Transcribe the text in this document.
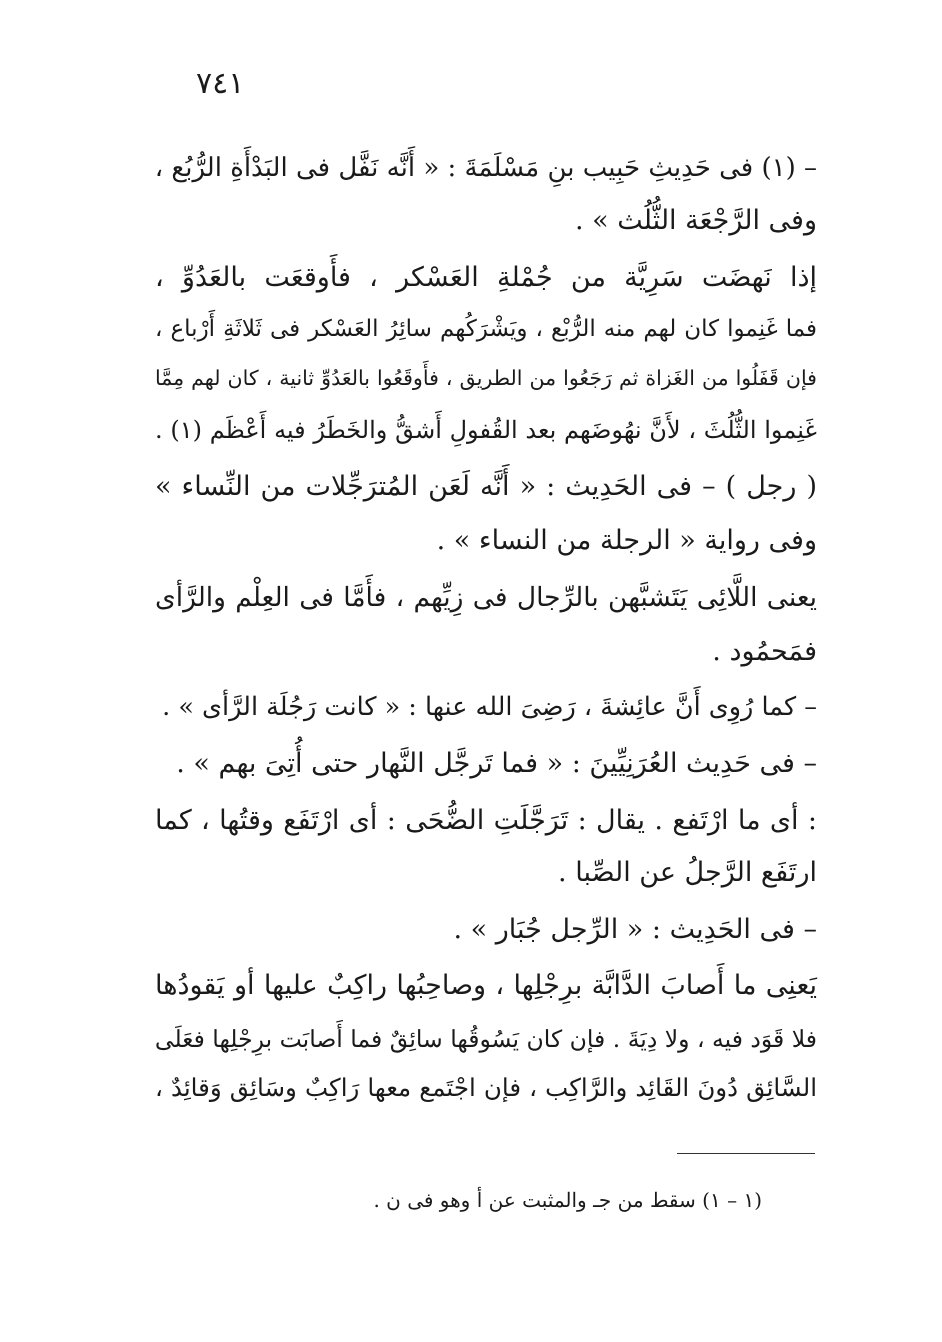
٧٤١
– (١) فى حَدِيثِ حَبِيب بنِ مَسْلَمَةَ : « أَنَّه نَفَّل فى البَدْأَةِ الرُّبُع ،
وفى الرَّجْعَة الثُّلُث » .
إذا نَهضَت سَرِيَّة من جُمْلةِ العَسْكر ، فأَوقعَت بالعَدُوِّ ،
فما غَنِموا كان لهم منه الرُّبْع ، ويَشْرَكُهم سائِرُ العَسْكر فى ثَلاثَةِ أَرْباع ،
فإن قَفَلُوا من الغَزاة ثم رَجَعُوا من الطريق ، فأَوقَعُوا بالعَدُوِّ ثانية ، كان لهم مِمَّا
غَنِموا الثُّلُثَ ، لأَنَّ نهُوضَهم بعد القُفولِ أَشقُّ والخَطَرُ فيه أَعْظَم (١) .
( رجل ) – فى الحَدِيث : « أَنَّه لَعَن المُترَجِّلات من النِّساء »
وفى رواية « الرجلة من النساء » .
يعنى اللَّائِى يَتَشبَّهن بالرِّجال فى زِيِّهم ، فأَمَّا فى العِلْم والرَّأى
فمَحمُود .
– كما رُوِى أَنَّ عائِشةَ ، رَضِىَ الله عنها : « كانت رَجُلَة الرَّأى » .
– فى حَدِيث العُرَنِيِّينَ : « فما تَرجَّل النَّهار حتى أُتِىَ بهم » .
: أى ما ارْتَفع . يقال : تَرَجَّلَتِ الضُّحَى : أى ارْتَفَع وقتُها ، كما
ارتَفَع الرَّجلُ عن الصِّبا .
– فى الحَدِيث : « الرِّجل جُبَار » .
يَعنِى ما أَصابَ الدَّابَّة برِجْلِها ، وصاحِبُها راكِبٌ عليها أو يَقودُها
فلا قَوَد فيه ، ولا دِيَةَ . فإن كان يَسُوقُها سائِقٌ فما أَصابَت برِجْلِها فعَلَى
السَّائِق دُونَ القَائِد والرَّاكِب ، فإن اجْتَمع معها رَاكِبٌ وسَائِق وَقائِدٌ ،
(١ – ١) سقط من جـ والمثبت عن أ وهو فى ن .
